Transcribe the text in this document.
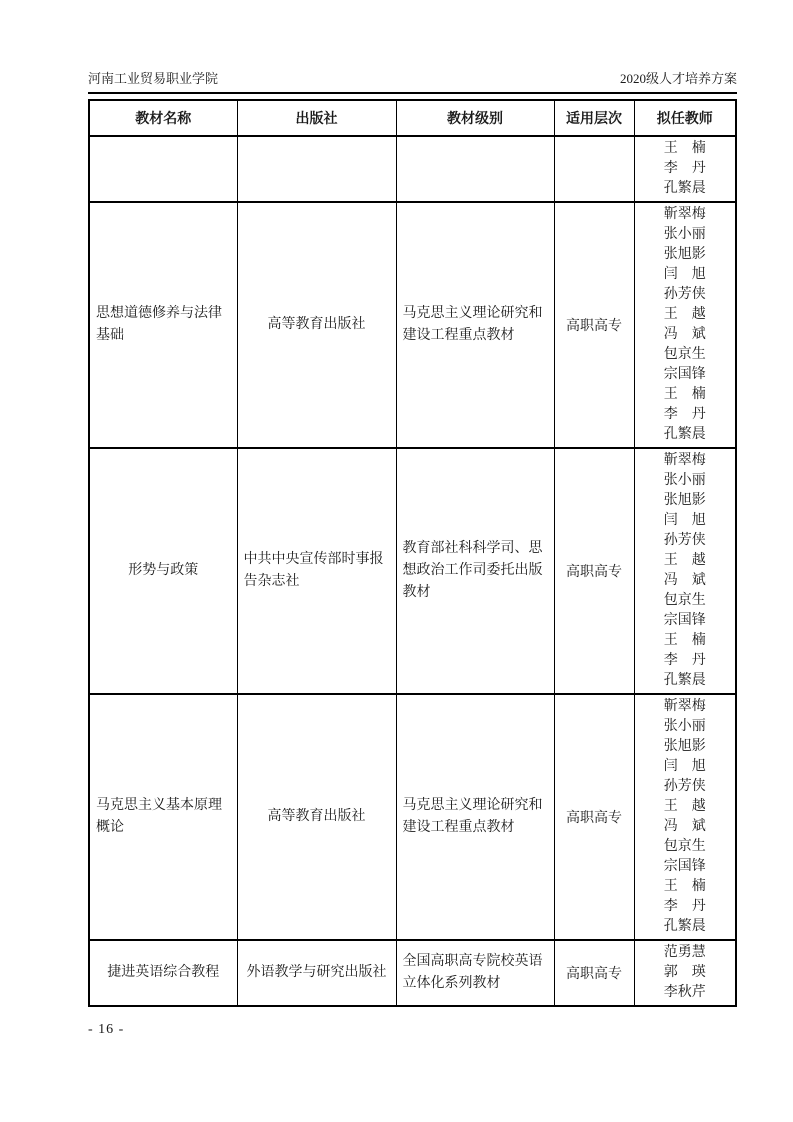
河南工业贸易职业学院	2020级人才培养方案
教材名称	出版社	教材级别	适用层次	拟任教师

				王　楠
李　丹
孔繁晨

思想道德修养与法律基础	高等教育出版社	马克思主义理论研究和建设工程重点教材	高职高专	
靳翠梅
张小丽
张旭影
闫　旭
孙芳侠
王　越
冯　斌
包京生
宗国锋
王　楠
李　丹
孔繁晨

形势与政策	中共中央宣传部时事报告杂志社	教育部社科科学司、思想政治工作司委托出版教材	高职高专	
靳翠梅
张小丽
张旭影
闫　旭
孙芳侠
王　越
冯　斌
包京生
宗国锋
王　楠
李　丹
孔繁晨

马克思主义基本原理概论	高等教育出版社	马克思主义理论研究和建设工程重点教材	高职高专	
靳翠梅
张小丽
张旭影
闫　旭
孙芳侠
王　越
冯　斌
包京生
宗国锋
王　楠
李　丹
孔繁晨

捷进英语综合教程	外语教学与研究出版社	全国高职高专院校英语立体化系列教材	高职高专	范勇慧
郭　瑛
李秋芹
- 16 -
